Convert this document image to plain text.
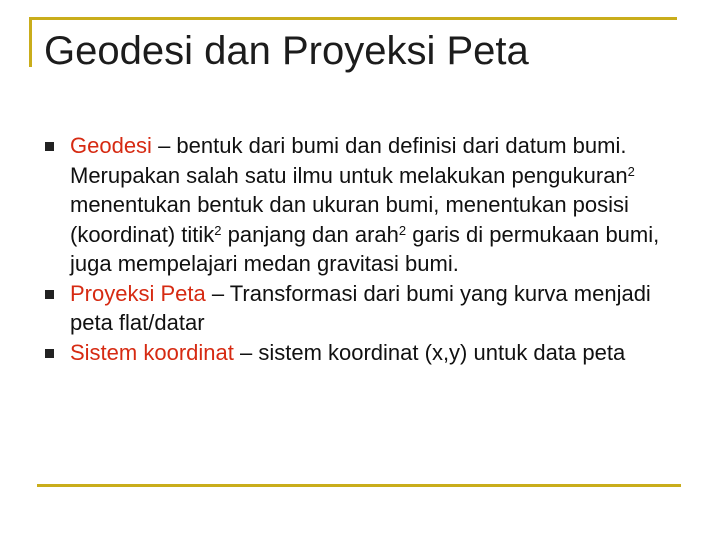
Geodesi dan Proyeksi Peta
Geodesi – bentuk dari bumi dan definisi dari datum bumi. Merupakan salah satu ilmu untuk melakukan pengukuran$^2$ menentukan bentuk dan ukuran bumi, menentukan posisi (koordinat) titik$^2$ panjang dan arah$^2$ garis di permukaan bumi, juga mempelajari medan gravitasi bumi.
Proyeksi Peta – Transformasi dari bumi yang kurva menjadi peta flat/datar
Sistem koordinat – sistem koordinat (x,y) untuk data peta
